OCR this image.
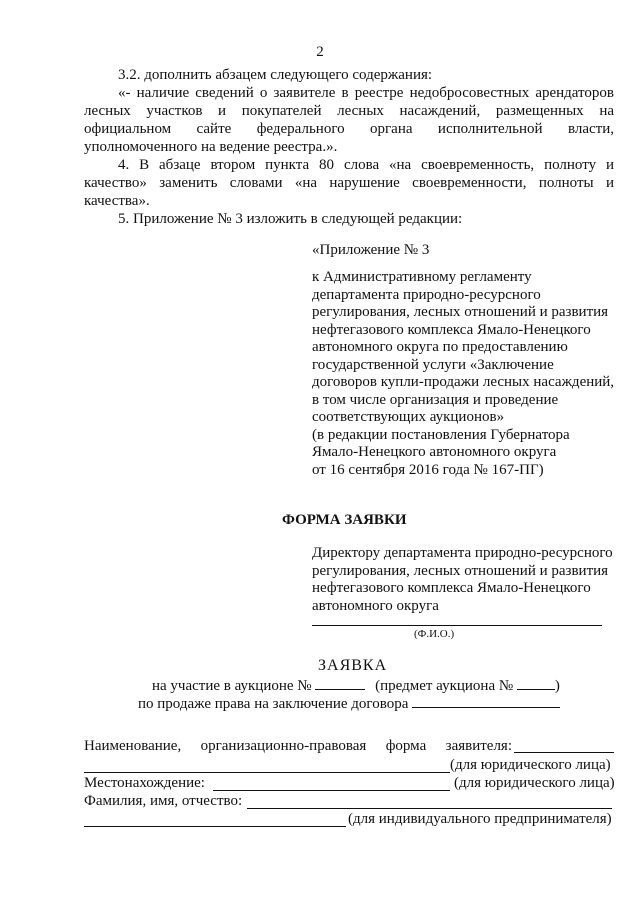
2
3.2. дополнить абзацем следующего содержания:
«- наличие сведений о заявителе в реестре недобросовестных арендаторов
лесных участков и покупателей лесных насаждений, размещенных на
официальном сайте федерального органа исполнительной власти,
уполномоченного на ведение реестра.».
4. В абзаце втором пункта 80 слова «на своевременность, полноту и
качество» заменить словами «на нарушение своевременности, полноты и
качества».
5. Приложение № 3 изложить в следующей редакции:
«Приложение № 3
к Административному регламенту
департамента природно-ресурсного
регулирования, лесных отношений и развития
нефтегазового комплекса Ямало-Ненецкого
автономного округа по предоставлению
государственной услуги «Заключение
договоров купли-продажи лесных насаждений,
в том числе организация и проведение
соответствующих аукционов»
(в редакции постановления Губернатора
Ямало-Ненецкого автономного округа
от 16 сентября 2016 года № 167-ПГ)
ФОРМА ЗАЯВКИ
Директору департамента природно-ресурсного
регулирования, лесных отношений и развития
нефтегазового комплекса Ямало-Ненецкого
автономного округа
(Ф.И.О.)
ЗАЯВКА
на участие в аукционе №	(предмет аукциона №	)
по продаже права на заключение договора
Наименование, организационно-правовая форма заявителя:
(для юридического лица)
Местонахождение:	(для юридического лица)
Фамилия, имя, отчество:
(для индивидуального предпринимателя)
